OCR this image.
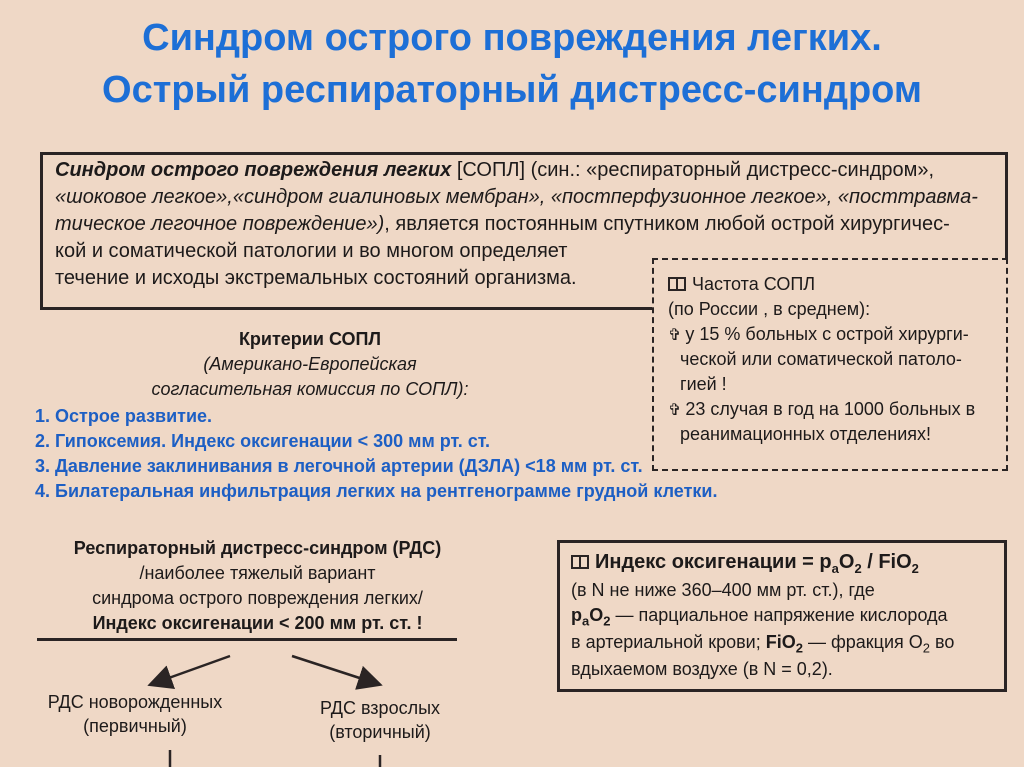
Синдром острого повреждения легких.
Острый респираторный дистресс-синдром
Синдром острого повреждения легких [СОПЛ] (син.: «респираторный дистресс-синдром»,
«шоковое легкое»,«синдром гиалиновых мембран», «постперфузионное легкое», «посттравма-
тическое легочное повреждение»), является постоянным спутником любой острой хирургичес-
кой и соматической патологии и во многом определяет
течение и исходы экстремальных состояний организма.	Частота СОПЛ
(по России , в среднем):
✞ у 15 % больных с острой хирурги-
ческой или соматической патоло-
гией !
✞ 23 случая в год на 1000 больных в
реанимационных отделениях!
Критерии СОПЛ
(Американо-Европейская
согласительная комиссия по СОПЛ):
1. Острое развитие.
2. Гипоксемия. Индекс оксигенации < 300 мм рт. ст.
3. Давление заклинивания в легочной артерии (ДЗЛА) <18 мм рт. ст.
4. Билатеральная инфильтрация легких на рентгенограмме грудной клетки.
Респираторный дистресс-синдром (РДС)
/наиболее тяжелый вариант
синдрома острого повреждения легких/
Индекс оксигенации < 200 мм рт. ст. !
РДС новорожденных
(первичный)
РДС взрослых
(вторичный)
Индекс оксигенации = $p_aO_2 / FiO_2$
(в N не ниже 360–400 мм рт. ст.), где
$p_aO_2$ — парциальное напряжение кислорода
в артериальной крови; FiO$_2$ — фракция $O_2$ во
вдыхаемом воздухе (в N = 0,2).
